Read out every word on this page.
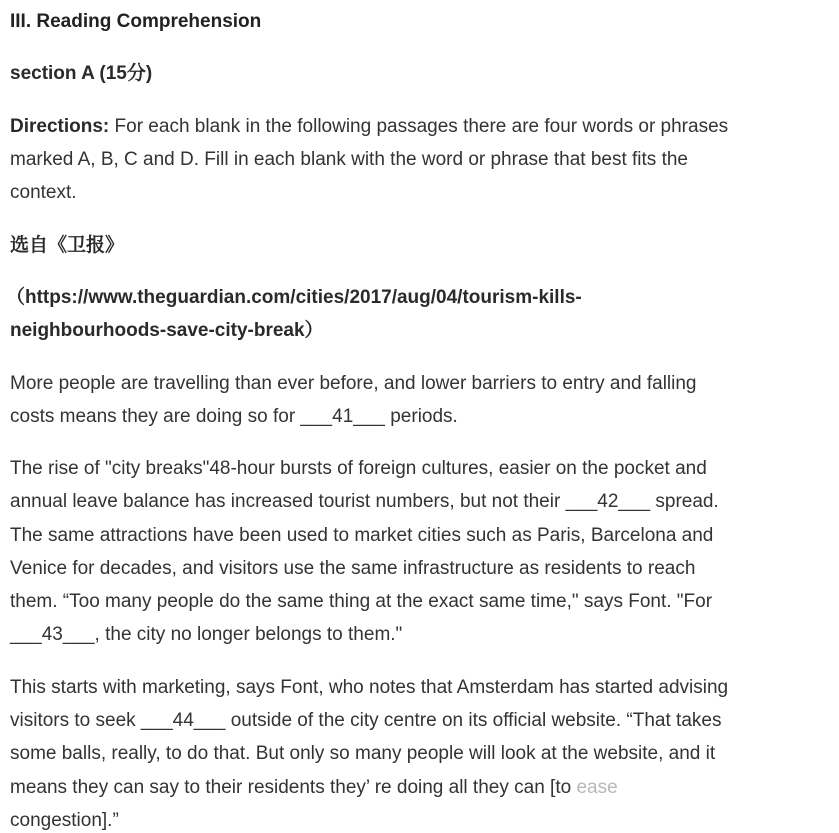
III. Reading Comprehension
section A (15分)
Directions: For each blank in the following passages there are four words or phrases
marked A, B, C and D. Fill in each blank with the word or phrase that best fits the
context.
选自《卫报》
（https://www.theguardian.com/cities/2017/aug/04/tourism-kills-
neighbourhoods-save-city-break）
More people are travelling than ever before, and lower barriers to entry and falling
costs means they are doing so for ___41___ periods.
The rise of "city breaks"48-hour bursts of foreign cultures, easier on the pocket and
annual leave balance has increased tourist numbers, but not their ___42___ spread.
The same attractions have been used to market cities such as Paris, Barcelona and
Venice for decades, and visitors use the same infrastructure as residents to reach
them. “Too many people do the same thing at the exact same time," says Font. "For
___43___, the city no longer belongs to them."
This starts with marketing, says Font, who notes that Amsterdam has started advising
visitors to seek ___44___ outside of the city centre on its official website. “That takes
some balls, really, to do that. But only so many people will look at the website, and it
means they can say to their residents they’ re doing all they can [to ease
congestion].”
